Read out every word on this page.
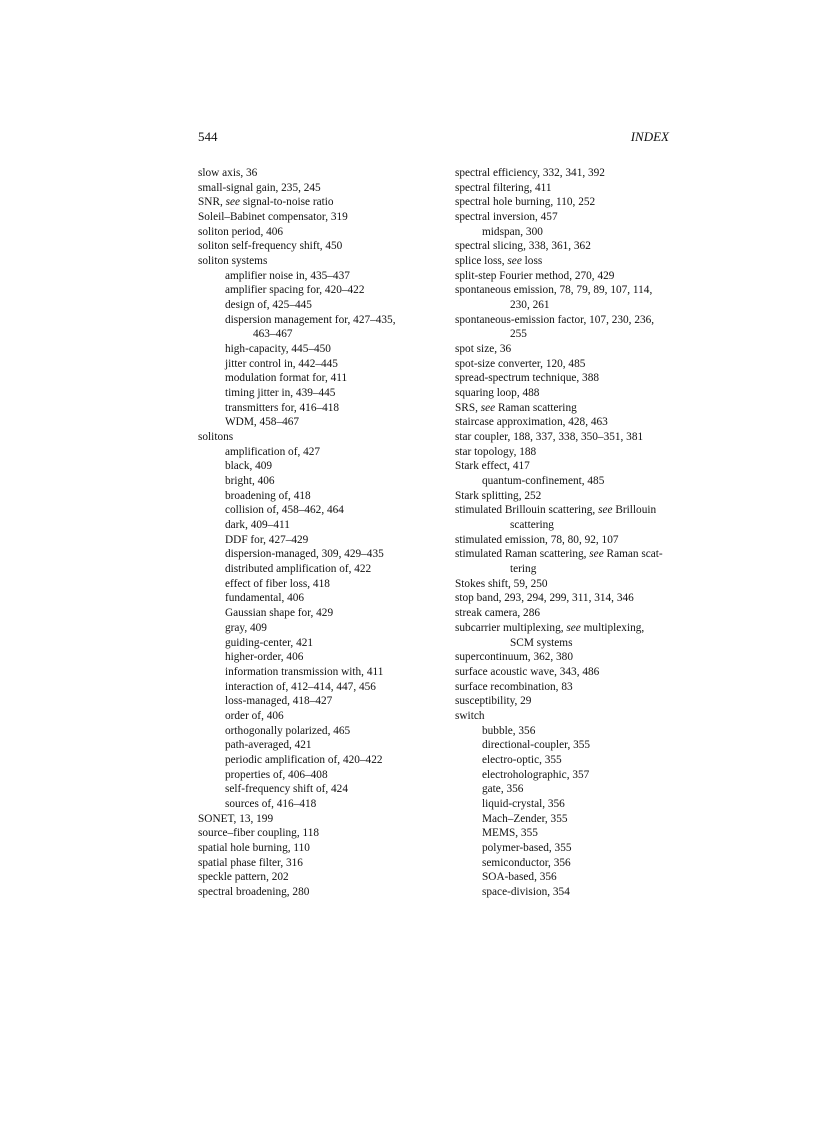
544	INDEX
slow axis, 36
small-signal gain, 235, 245
SNR, see signal-to-noise ratio
Soleil–Babinet compensator, 319
soliton period, 406
soliton self-frequency shift, 450
soliton systems
amplifier noise in, 435–437
amplifier spacing for, 420–422
design of, 425–445
dispersion management for, 427–435,
463–467
high-capacity, 445–450
jitter control in, 442–445
modulation format for, 411
timing jitter in, 439–445
transmitters for, 416–418
WDM, 458–467
solitons
amplification of, 427
black, 409
bright, 406
broadening of, 418
collision of, 458–462, 464
dark, 409–411
DDF for, 427–429
dispersion-managed, 309, 429–435
distributed amplification of, 422
effect of fiber loss, 418
fundamental, 406
Gaussian shape for, 429
gray, 409
guiding-center, 421
higher-order, 406
information transmission with, 411
interaction of, 412–414, 447, 456
loss-managed, 418–427
order of, 406
orthogonally polarized, 465
path-averaged, 421
periodic amplification of, 420–422
properties of, 406–408
self-frequency shift of, 424
sources of, 416–418
SONET, 13, 199
source–fiber coupling, 118
spatial hole burning, 110
spatial phase filter, 316
speckle pattern, 202
spectral broadening, 280
spectral efficiency, 332, 341, 392
spectral filtering, 411
spectral hole burning, 110, 252
spectral inversion, 457
midspan, 300
spectral slicing, 338, 361, 362
splice loss, see loss
split-step Fourier method, 270, 429
spontaneous emission, 78, 79, 89, 107, 114,
230, 261
spontaneous-emission factor, 107, 230, 236,
255
spot size, 36
spot-size converter, 120, 485
spread-spectrum technique, 388
squaring loop, 488
SRS, see Raman scattering
staircase approximation, 428, 463
star coupler, 188, 337, 338, 350–351, 381
star topology, 188
Stark effect, 417
quantum-confinement, 485
Stark splitting, 252
stimulated Brillouin scattering, see Brillouin
scattering
stimulated emission, 78, 80, 92, 107
stimulated Raman scattering, see Raman scat-
tering
Stokes shift, 59, 250
stop band, 293, 294, 299, 311, 314, 346
streak camera, 286
subcarrier multiplexing, see multiplexing,
SCM systems
supercontinuum, 362, 380
surface acoustic wave, 343, 486
surface recombination, 83
susceptibility, 29
switch
bubble, 356
directional-coupler, 355
electro-optic, 355
electroholographic, 357
gate, 356
liquid-crystal, 356
Mach–Zender, 355
MEMS, 355
polymer-based, 355
semiconductor, 356
SOA-based, 356
space-division, 354
